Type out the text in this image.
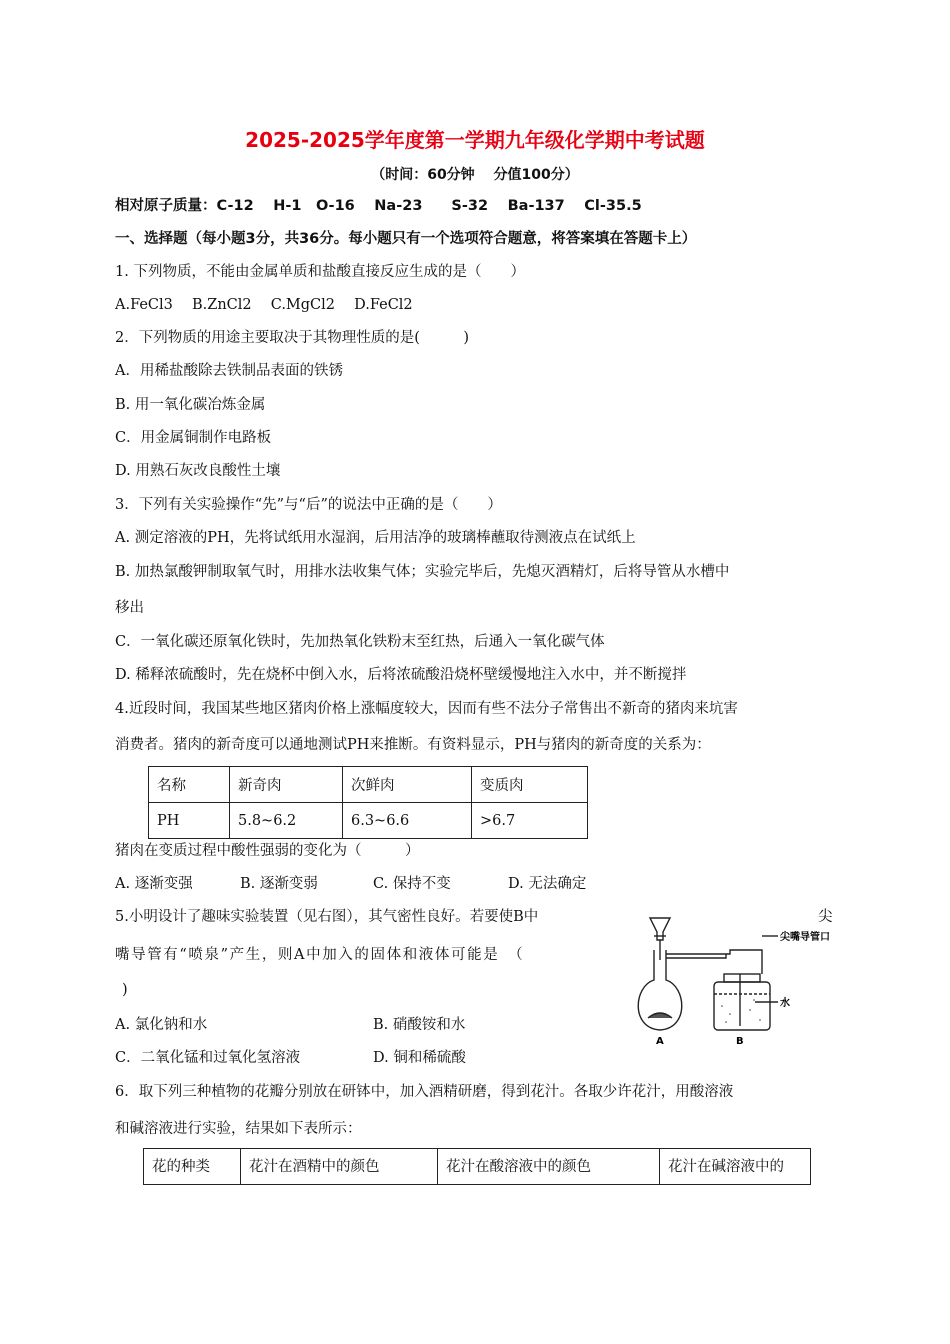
2025-2025学年度第一学期九年级化学期中考试题
（时间：60分钟　 分值100分）
相对原子质量：C-12　 H-1　O-16　 Na-23　　S-32　 Ba-137　 Cl-35.5
一、选择题（每小题3分，共36分。每小题只有一个选项符合题意，将答案填在答题卡上）
1. 下列物质，不能由金属单质和盐酸直接反应生成的是（　　）
A.FeCl3　 B.ZnCl2　 C.MgCl2　 D.FeCl2
2．下列物质的用途主要取决于其物理性质的是(　　　)
A．用稀盐酸除去铁制品表面的铁锈
B. 用一氧化碳冶炼金属
C．用金属铜制作电路板
D. 用熟石灰改良酸性土壤
3．下列有关实验操作“先”与“后”的说法中正确的是（　　）
A. 测定溶液的PH，先将试纸用水湿润，后用洁净的玻璃棒蘸取待测液点在试纸上
B. 加热氯酸钾制取氧气时，用排水法收集气体；实验完毕后，先熄灭酒精灯，后将导管从水槽中
移出
C．一氧化碳还原氧化铁时，先加热氧化铁粉末至红热，后通入一氧化碳气体
D. 稀释浓硫酸时，先在烧杯中倒入水，后将浓硫酸沿烧杯壁缓慢地注入水中，并不断搅拌
4.近段时间，我国某些地区猪肉价格上涨幅度较大，因而有些不法分子常售出不新奇的猪肉来坑害
消费者。猪肉的新奇度可以通地测试PH来推断。有资料显示，PH与猪肉的新奇度的关系为：
名称	新奇肉	次鲜肉	变质肉
PH	5.8~6.2	6.3~6.6	>6.7
猪肉在变质过程中酸性强弱的变化为（　　　）
A. 逐渐变强	B. 逐渐变弱	C. 保持不变	D. 无法确定
5.小明设计了趣味实验装置（见右图），其气密性良好。若要使B中	尖
嘴导管有“喷泉”产生，则A中加入的固体和液体可能是　（
)
A. 氯化钠和水	B. 硝酸铵和水
C．二氧化锰和过氧化氢溶液	D. 铜和稀硫酸
尖嘴导管口
水
A	B
6．取下列三种植物的花瓣分别放在研钵中，加入酒精研磨，得到花汁。各取少许花汁，用酸溶液
和碱溶液进行实验，结果如下表所示：
花的种类	花汁在酒精中的颜色	花汁在酸溶液中的颜色	花汁在碱溶液中的
